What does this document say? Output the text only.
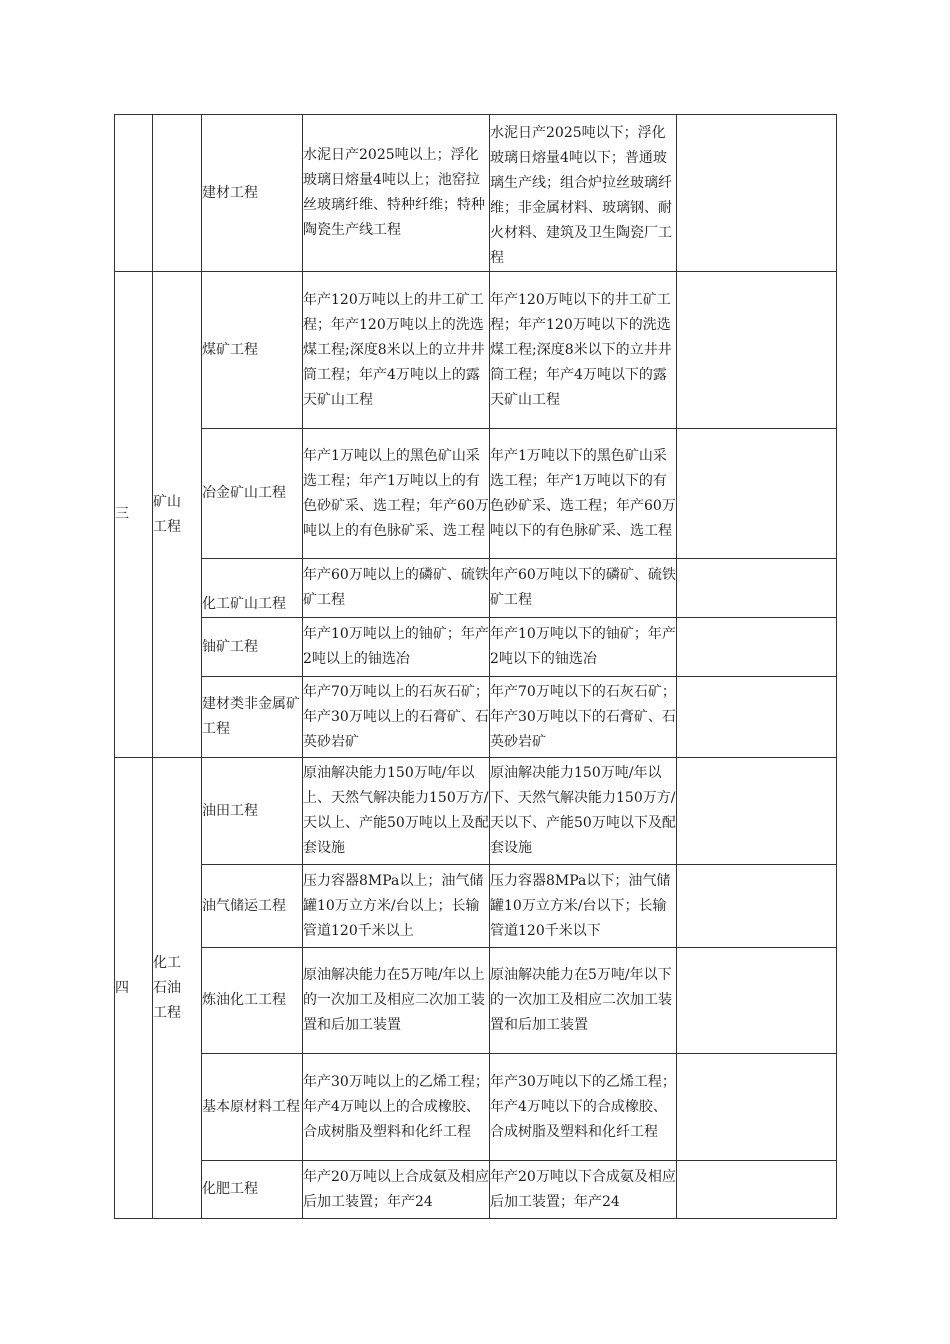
		建材工程	水泥日产2025吨以上；浮化玻璃日熔量4吨以上；池窑拉丝玻璃纤维、特种纤维；特种陶瓷生产线工程	水泥日产2025吨以下；浮化玻璃日熔量4吨以下；普通玻璃生产线；组合炉拉丝玻璃纤维；非金属材料、玻璃钢、耐火材料、建筑及卫生陶瓷厂工程	

三	矿山工程	煤矿工程	年产120万吨以上的井工矿工程；年产120万吨以上的洗选煤工程;深度8米以上的立井井筒工程；年产4万吨以上的露天矿山工程	年产120万吨以下的井工矿工程；年产120万吨以下的洗选煤工程;深度8米以下的立井井筒工程；年产4万吨以下的露天矿山工程	

		冶金矿山工程	年产1万吨以上的黑色矿山采选工程；年产1万吨以上的有色砂矿采、选工程；年产60万吨以上的有色脉矿采、选工程	年产1万吨以下的黑色矿山采选工程；年产1万吨以下的有色砂矿采、选工程；年产60万吨以下的有色脉矿采、选工程	

		化工矿山工程	年产60万吨以上的磷矿、硫铁矿工程	年产60万吨以下的磷矿、硫铁矿工程	

		铀矿工程	年产10万吨以上的铀矿；年产2吨以上的铀选冶	年产10万吨以下的铀矿；年产2吨以下的铀选冶	

		建材类非金属矿工程	年产70万吨以上的石灰石矿；年产30万吨以上的石膏矿、石英砂岩矿	年产70万吨以下的石灰石矿；年产30万吨以下的石膏矿、石英砂岩矿	

四	化工石油工程	油田工程	原油解决能力150万吨/年以上、天然气解决能力150万方/天以上、产能50万吨以上及配套设施	原油解决能力150万吨/年以下、天然气解决能力150万方/天以下、产能50万吨以下及配套设施	

		油气储运工程	压力容器8MPa以上；油气储罐10万立方米/台以上；长输管道120千米以上	压力容器8MPa以下；油气储罐10万立方米/台以下；长输管道120千米以下	

		炼油化工工程	原油解决能力在5万吨/年以上的一次加工及相应二次加工装置和后加工装置	原油解决能力在5万吨/年以下的一次加工及相应二次加工装置和后加工装置	

		基本原材料工程	年产30万吨以上的乙烯工程；年产4万吨以上的合成橡胶、合成树脂及塑料和化纤工程	年产30万吨以下的乙烯工程；年产4万吨以下的合成橡胶、合成树脂及塑料和化纤工程	

		化肥工程	年产20万吨以上合成氨及相应后加工装置；年产24	年产20万吨以下合成氨及相应后加工装置；年产24	
